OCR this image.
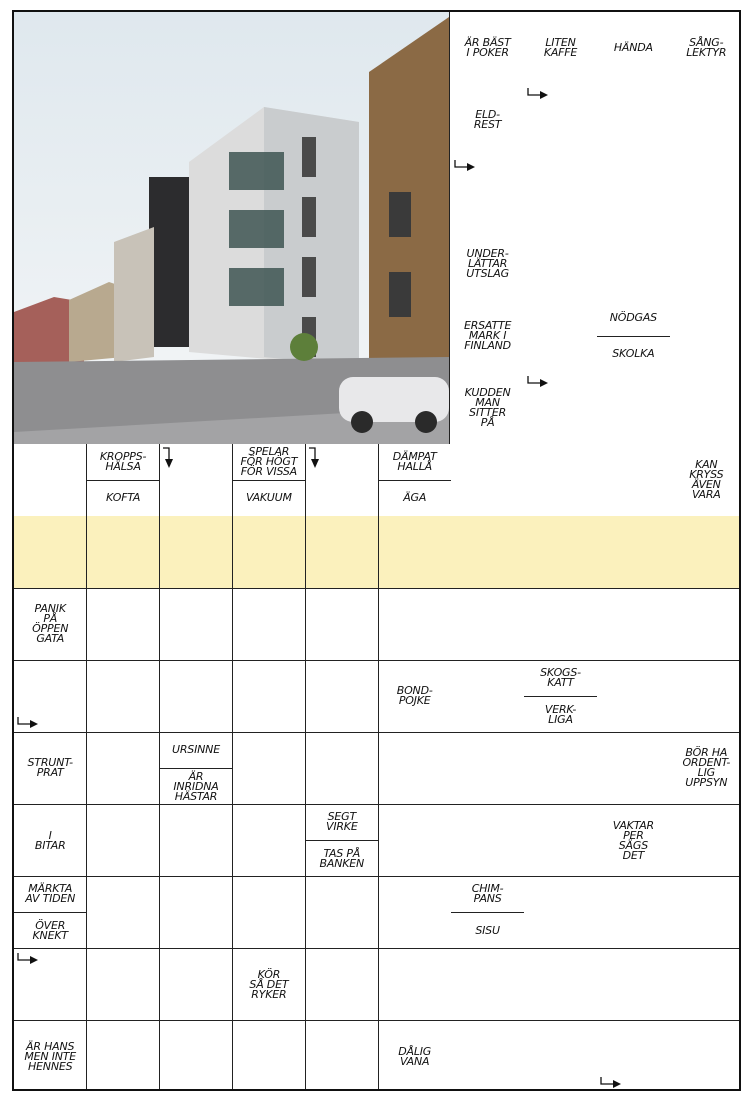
ÄR BÄST
I POKER
LITEN
KAFFE	HÄNDA	SÅNG-
LEKTYR
ELD-
REST
UNDER-
LÄTTAR
UTSLAG
ERSATTE
MARK I
FINLAND
NÖDGAS
SKOLKA
KUDDEN
MAN
SITTER
PÅ
KROPPS-
HÄLSA
KOFTA
SPELAR
FÖR HÖGT
FÖR VISSA
VAKUUM
DÄMPAT
HALLÅ
ÄGA
KAN
KRYSS
ÄVEN
VARA
PANIK
PÅ
ÖPPEN
GATA
BOND-
POJKE
SKOGS-
KATT
VERK-
LIGA
STRUNT-
PRAT
URSINNE
ÄR
INRIDNA
HÄSTAR
BÖR HA
ORDENT-
LIG
UPPSYN
I
BITAR
SEGT
VIRKE
TAS PÅ
BANKEN
VAKTAR
PER
SÄGS
DET
MÄRKTA
AV TIDEN
ÖVER
KNEKT
CHIM-
PANS
SISU
KÖR
SÅ DET
RYKER
ÄR HANS
MEN INTE
HENNES
DÅLIG
VANA
